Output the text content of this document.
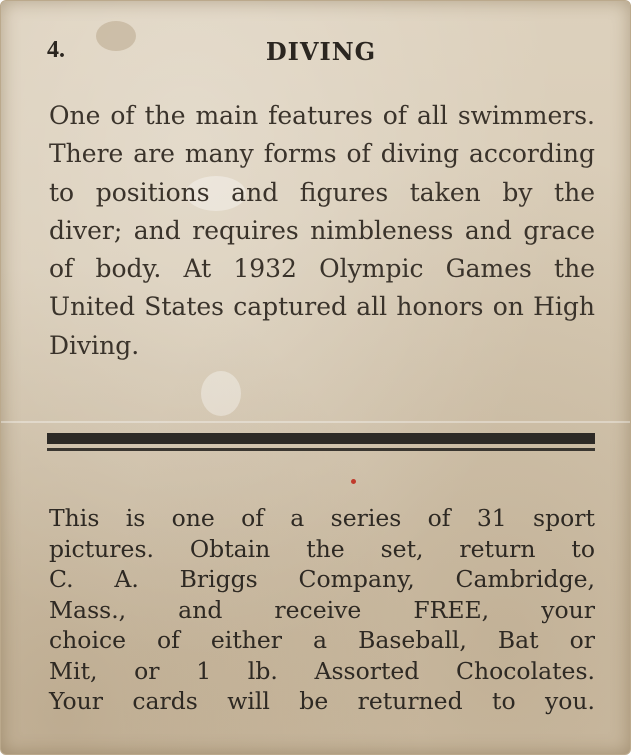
4.	DIVING
One of the main features of all swimmers. There are many forms of diving according to positions and figures taken by the diver; and requires nimbleness and grace of body. At 1932 Olympic Games the United States captured all honors on High Diving.
This is one of a series of 31 sport
pictures. Obtain the set, return to
C. A. Briggs Company, Cambridge,
Mass., and receive FREE, your
choice of either a Baseball, Bat or
Mit, or 1 lb. Assorted Chocolates.
Your cards will be returned to you.
